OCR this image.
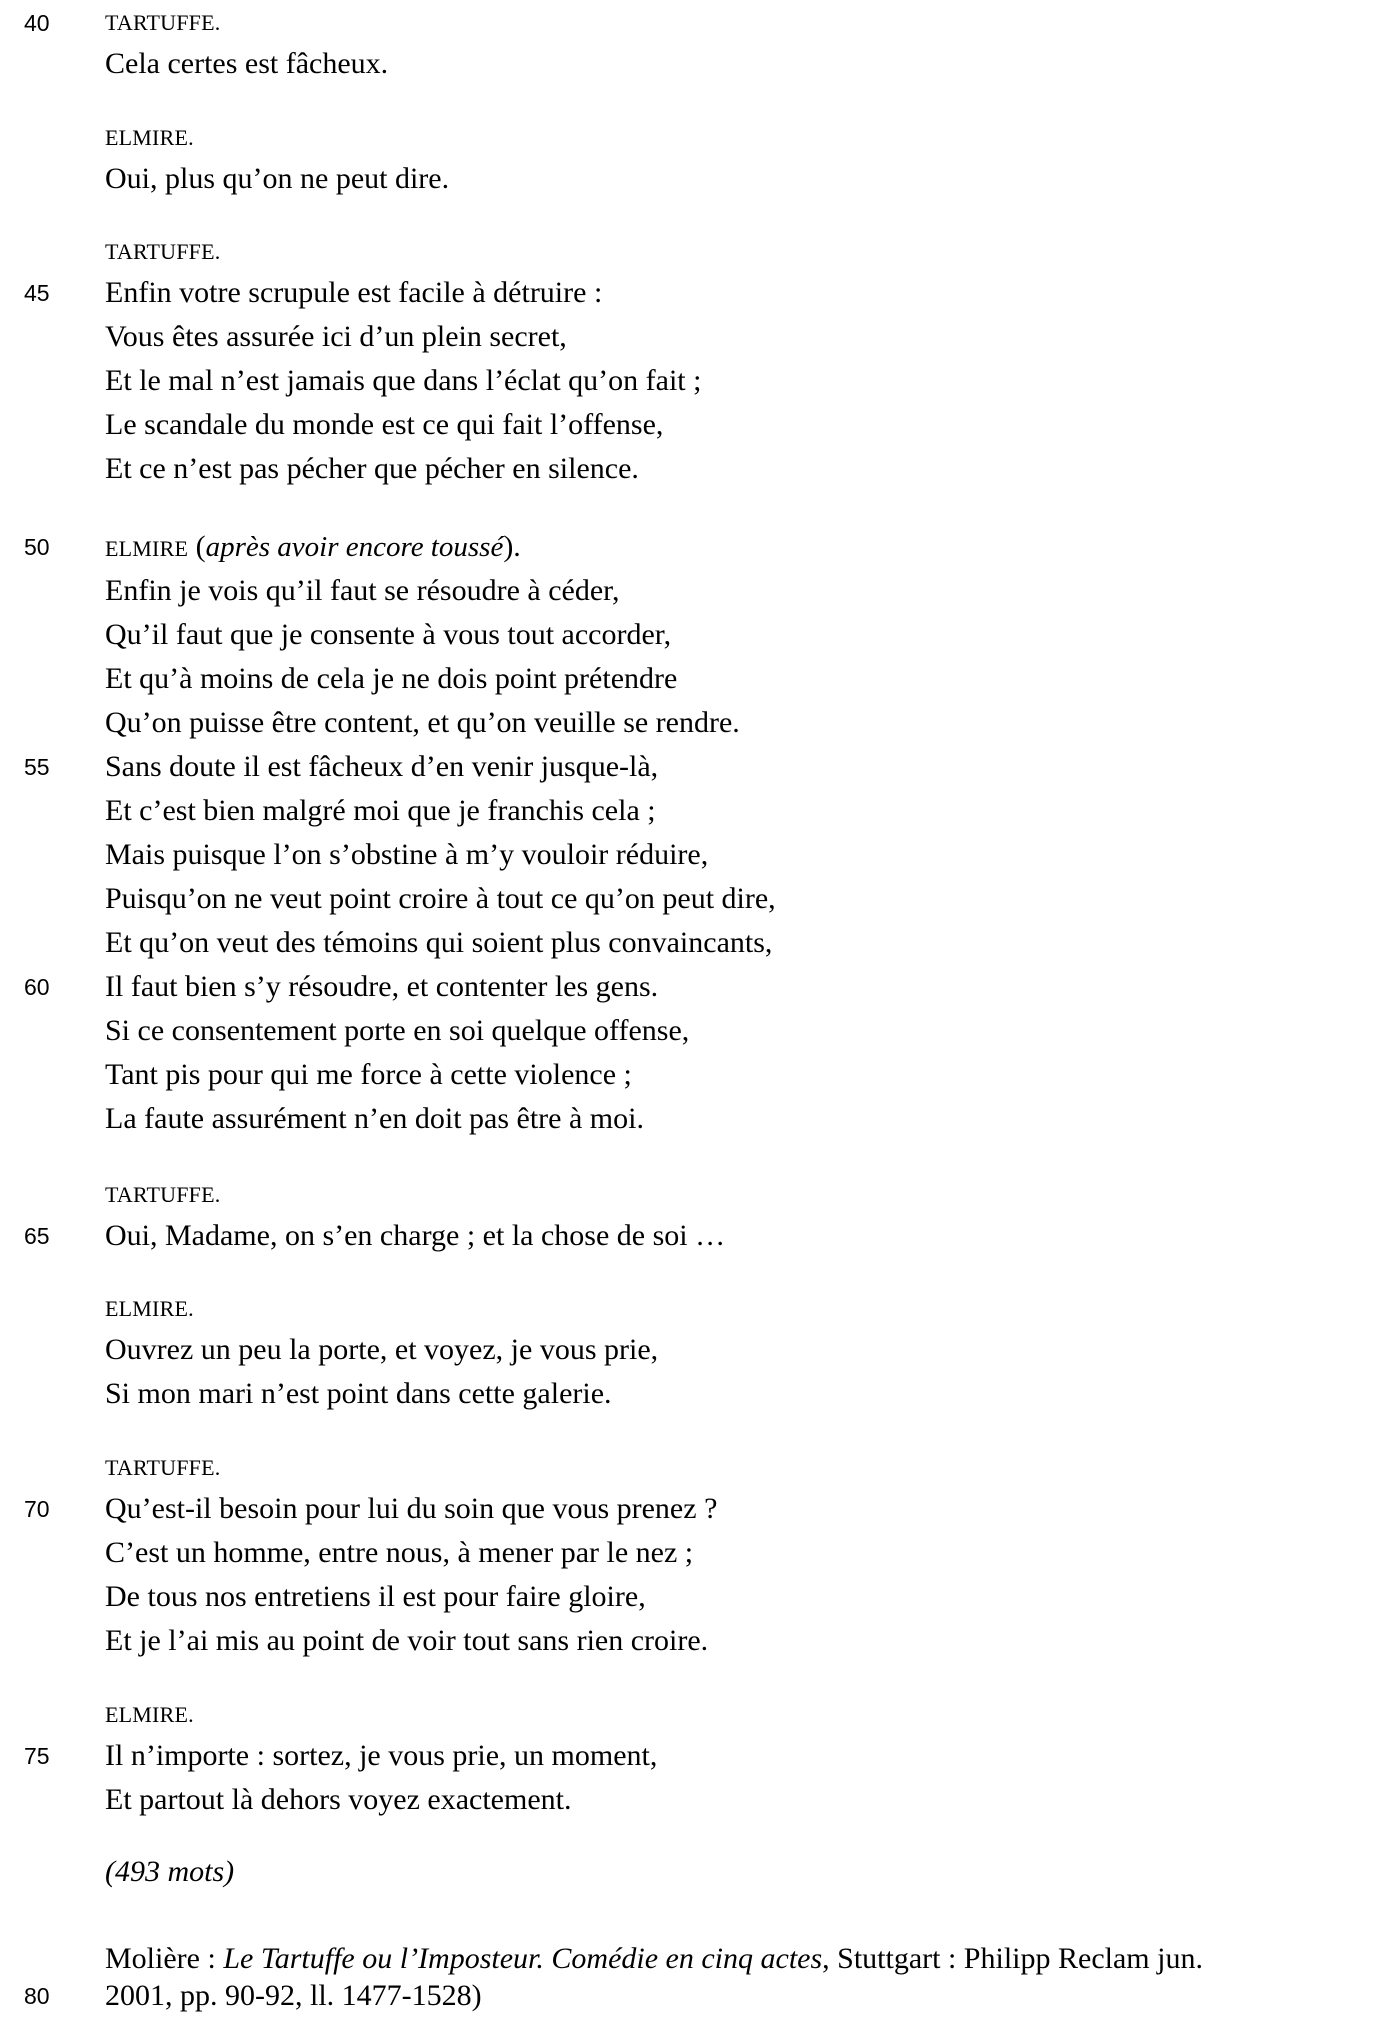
40	TARTUFFE.
Cela certes est fâcheux.
ELMIRE.
Oui, plus qu’on ne peut dire.
TARTUFFE.
45 Enfin votre scrupule est facile à détruire :
Vous êtes assurée ici d’un plein secret,
Et le mal n’est jamais que dans l’éclat qu’on fait ;
Le scandale du monde est ce qui fait l’offense,
Et ce n’est pas pécher que pécher en silence.
50	ELMIRE (après avoir encore toussé).
Enfin je vois qu’il faut se résoudre à céder,
Qu’il faut que je consente à vous tout accorder,
Et qu’à moins de cela je ne dois point prétendre
Qu’on puisse être content, et qu’on veuille se rendre.
55 Sans doute il est fâcheux d’en venir jusque-là,
Et c’est bien malgré moi que je franchis cela ;
Mais puisque l’on s’obstine à m’y vouloir réduire,
Puisqu’on ne veut point croire à tout ce qu’on peut dire,
Et qu’on veut des témoins qui soient plus convaincants,
60 Il faut bien s’y résoudre, et contenter les gens.
Si ce consentement porte en soi quelque offense,
Tant pis pour qui me force à cette violence ;
La faute assurément n’en doit pas être à moi.
TARTUFFE.
65 Oui, Madame, on s’en charge ; et la chose de soi …
ELMIRE.
Ouvrez un peu la porte, et voyez, je vous prie,
Si mon mari n’est point dans cette galerie.
TARTUFFE.
70 Qu’est-il besoin pour lui du soin que vous prenez ?
C’est un homme, entre nous, à mener par le nez ;
De tous nos entretiens il est pour faire gloire,
Et je l’ai mis au point de voir tout sans rien croire.
ELMIRE.
75 Il n’importe : sortez, je vous prie, un moment,
Et partout là dehors voyez exactement.
(493 mots)
Molière : Le Tartuffe ou l’Imposteur. Comédie en cinq actes, Stuttgart : Philipp Reclam jun.
80 2001, pp. 90-92, ll. 1477-1528)
